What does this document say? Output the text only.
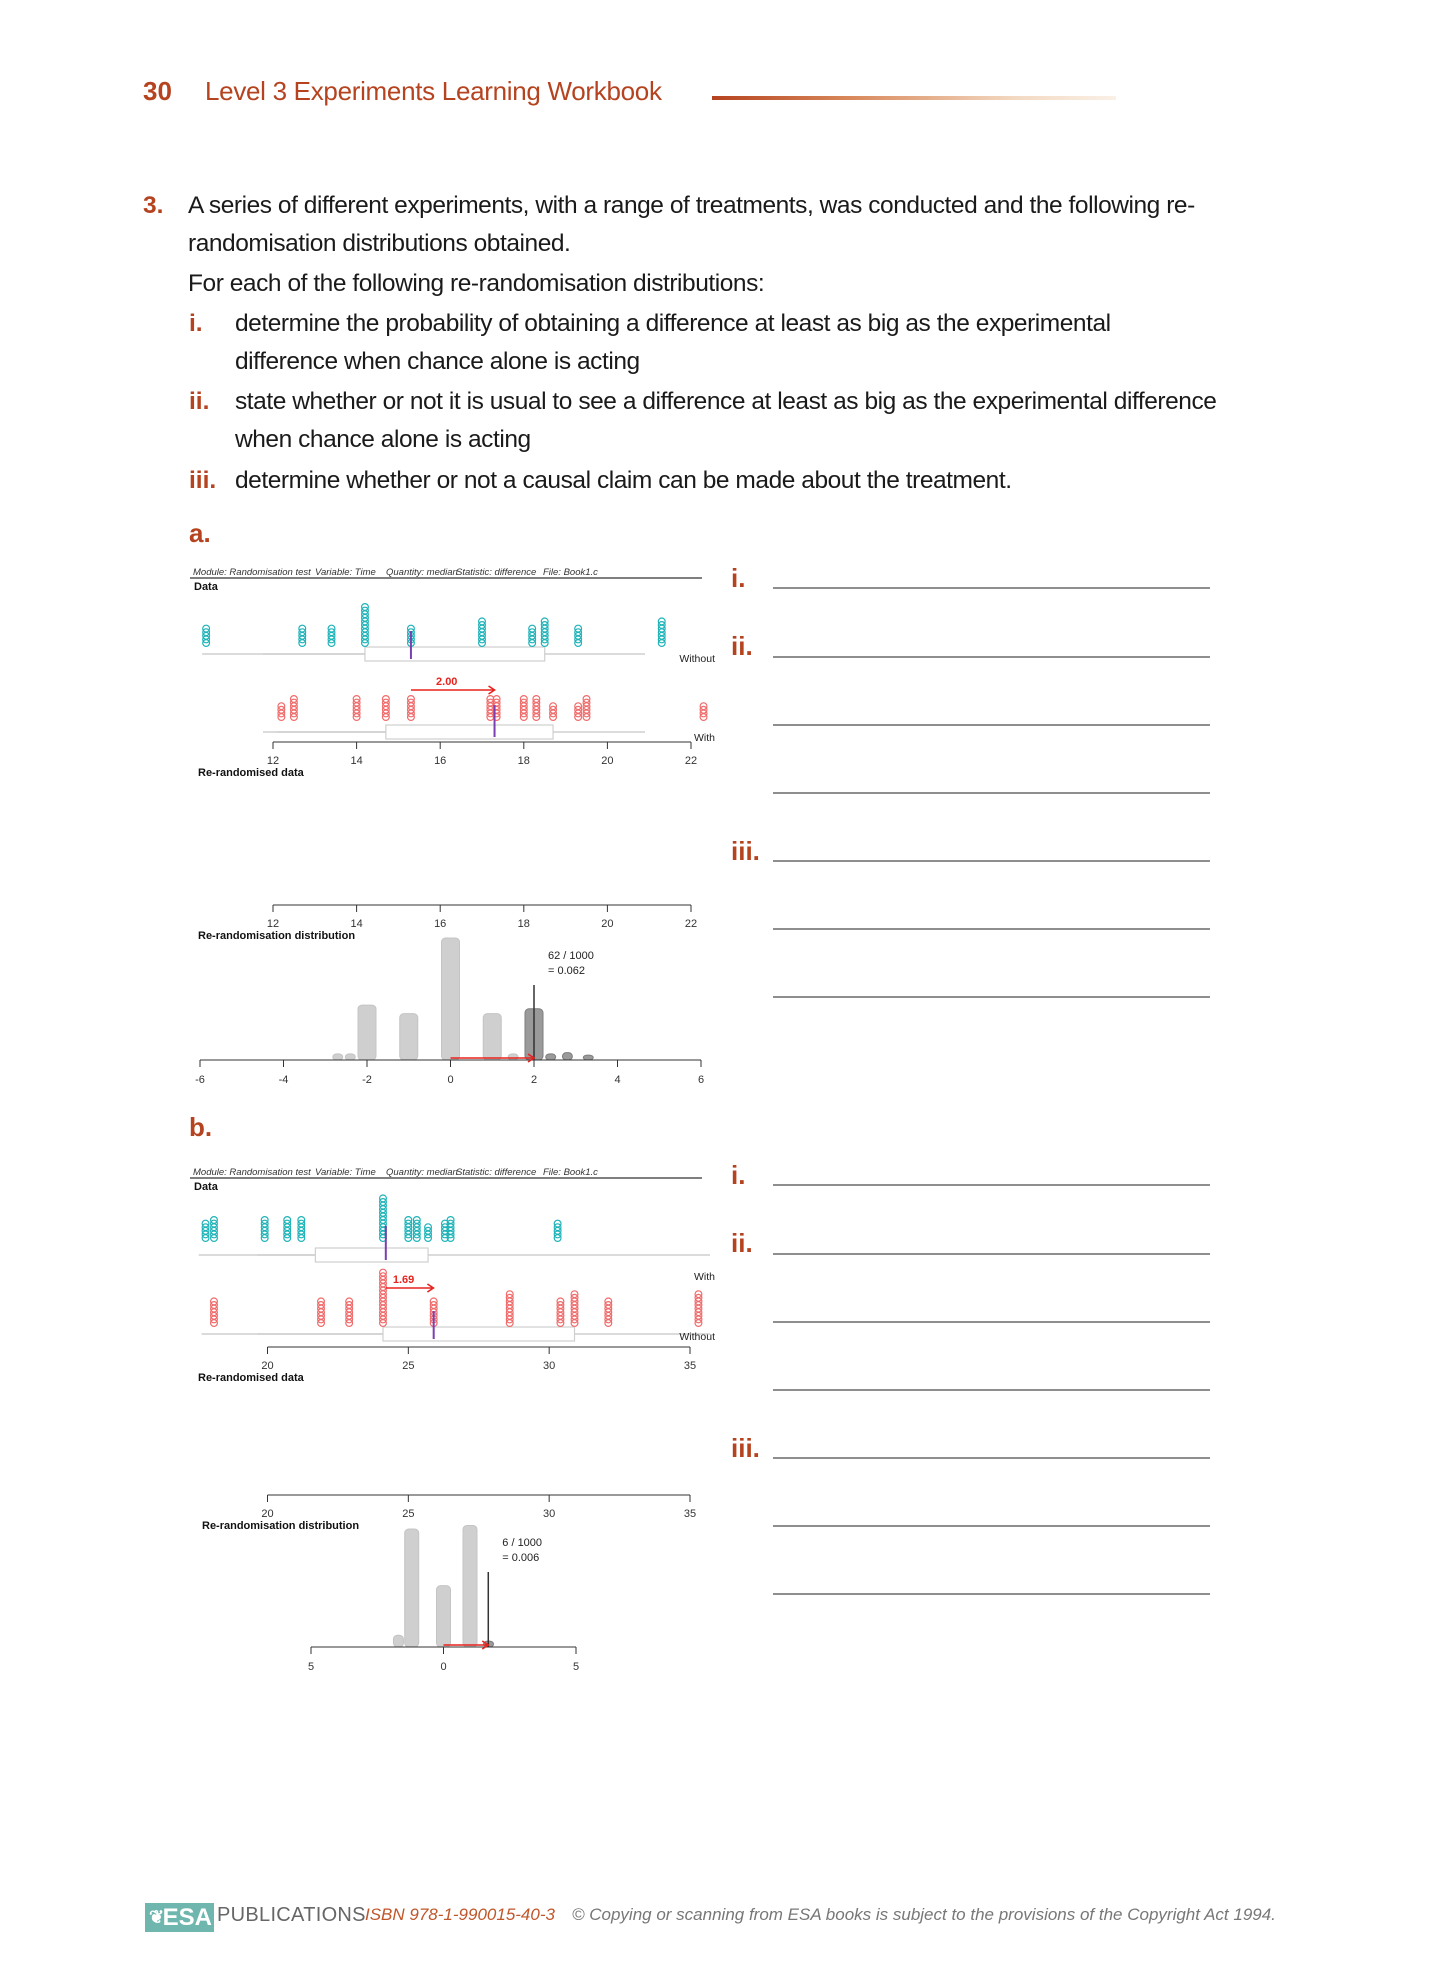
30 Level 3 Experiments Learning Workbook
3. A series of different experiments, with a range of treatments, was conducted and the following re-
randomisation distributions obtained.
For each of the following re-randomisation distributions:
i. determine the probability of obtaining a difference at least as big as the experimental
difference when chance alone is acting
ii. state whether or not it is usual to see a difference at least as big as the experimental difference
when chance alone is acting
iii. determine whether or not a causal claim can be made about the treatment.
a.
Module: Randomisation test Variable: Time Quantity: median
Statistic: difference File: Book1.c
Data
Without
With
2.00
12	14	16	18	20	22
Re-randomised data
12	14	16	18	20	22
Re-randomisation distribution
62 / 1000
= 0.062
-6	-4	-2	0	2	4	6
i.
ii.
iii.
b.
Module: Randomisation test Variable: Time Quantity: median
Statistic: difference File: Book1.c
Data
With
Without
1.69
20	25	30	35
Re-randomised data
20	25	30	35
Re-randomisation distribution
6 / 1000
= 0.006
5	0	5
i.
ii.
iii.
❦
ESA PUBLICATIONS ISBN 978-1-990015-40-3 © Copying or scanning from ESA books is subject to the provisions of the Copyright Act 1994.
